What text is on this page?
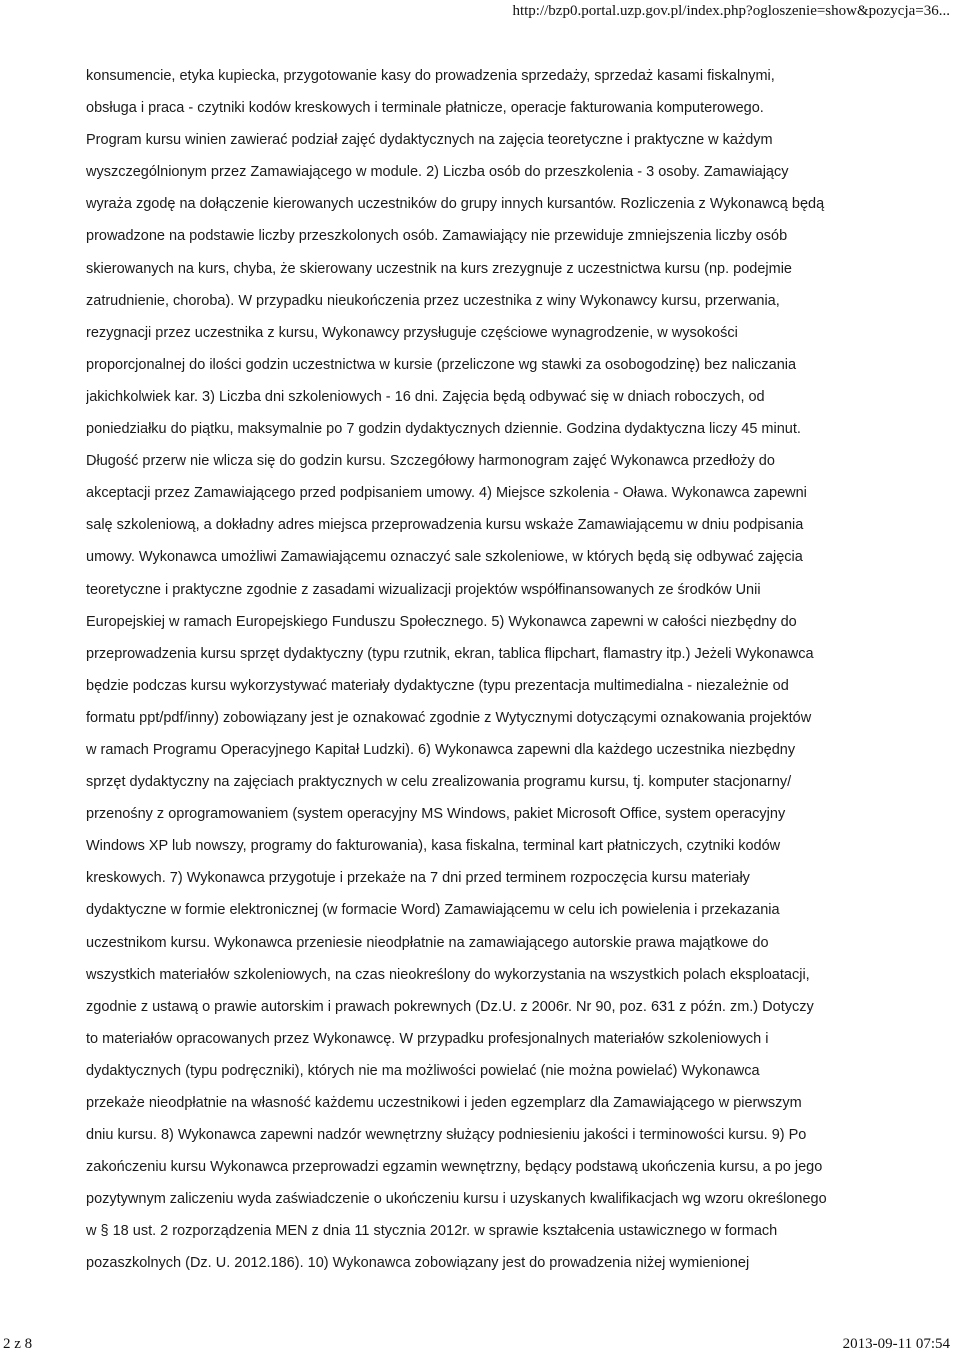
http://bzp0.portal.uzp.gov.pl/index.php?ogloszenie=show&pozycja=36...
konsumencie, etyka kupiecka, przygotowanie kasy do prowadzenia sprzedaży, sprzedaż kasami fiskalnymi,
obsługa i praca - czytniki kodów kreskowych i terminale płatnicze, operacje fakturowania komputerowego.
Program kursu winien zawierać podział zajęć dydaktycznych na zajęcia teoretyczne i praktyczne w każdym
wyszczególnionym przez Zamawiającego w module. 2) Liczba osób do przeszkolenia - 3 osoby. Zamawiający
wyraża zgodę na dołączenie kierowanych uczestników do grupy innych kursantów. Rozliczenia z Wykonawcą będą
prowadzone na podstawie liczby przeszkolonych osób. Zamawiający nie przewiduje zmniejszenia liczby osób
skierowanych na kurs, chyba, że skierowany uczestnik na kurs zrezygnuje z uczestnictwa kursu (np. podejmie
zatrudnienie, choroba). W przypadku nieukończenia przez uczestnika z winy Wykonawcy kursu, przerwania,
rezygnacji przez uczestnika z kursu, Wykonawcy przysługuje częściowe wynagrodzenie, w wysokości
proporcjonalnej do ilości godzin uczestnictwa w kursie (przeliczone wg stawki za osobogodzinę) bez naliczania
jakichkolwiek kar. 3) Liczba dni szkoleniowych - 16 dni. Zajęcia będą odbywać się w dniach roboczych, od
poniedziałku do piątku, maksymalnie po 7 godzin dydaktycznych dziennie. Godzina dydaktyczna liczy 45 minut.
Długość przerw nie wlicza się do godzin kursu. Szczegółowy harmonogram zajęć Wykonawca przedłoży do
akceptacji przez Zamawiającego przed podpisaniem umowy. 4) Miejsce szkolenia - Oława. Wykonawca zapewni
salę szkoleniową, a dokładny adres miejsca przeprowadzenia kursu wskaże Zamawiającemu w dniu podpisania
umowy. Wykonawca umożliwi Zamawiającemu oznaczyć sale szkoleniowe, w których będą się odbywać zajęcia
teoretyczne i praktyczne zgodnie z zasadami wizualizacji projektów współfinansowanych ze środków Unii
Europejskiej w ramach Europejskiego Funduszu Społecznego. 5) Wykonawca zapewni w całości niezbędny do
przeprowadzenia kursu sprzęt dydaktyczny (typu rzutnik, ekran, tablica flipchart, flamastry itp.) Jeżeli Wykonawca
będzie podczas kursu wykorzystywać materiały dydaktyczne (typu prezentacja multimedialna - niezależnie od
formatu ppt/pdf/inny) zobowiązany jest je oznakować zgodnie z Wytycznymi dotyczącymi oznakowania projektów
w ramach Programu Operacyjnego Kapitał Ludzki). 6) Wykonawca zapewni dla każdego uczestnika niezbędny
sprzęt dydaktyczny na zajęciach praktycznych w celu zrealizowania programu kursu, tj. komputer stacjonarny/
przenośny z oprogramowaniem (system operacyjny MS Windows, pakiet Microsoft Office, system operacyjny
Windows XP lub nowszy, programy do fakturowania), kasa fiskalna, terminal kart płatniczych, czytniki kodów
kreskowych. 7) Wykonawca przygotuje i przekaże na 7 dni przed terminem rozpoczęcia kursu materiały
dydaktyczne w formie elektronicznej (w formacie Word) Zamawiającemu w celu ich powielenia i przekazania
uczestnikom kursu. Wykonawca przeniesie nieodpłatnie na zamawiającego autorskie prawa majątkowe do
wszystkich materiałów szkoleniowych, na czas nieokreślony do wykorzystania na wszystkich polach eksploatacji,
zgodnie z ustawą o prawie autorskim i prawach pokrewnych (Dz.U. z 2006r. Nr 90, poz. 631 z późn. zm.) Dotyczy
to materiałów opracowanych przez Wykonawcę. W przypadku profesjonalnych materiałów szkoleniowych i
dydaktycznych (typu podręczniki), których nie ma możliwości powielać (nie można powielać) Wykonawca
przekaże nieodpłatnie na własność każdemu uczestnikowi i jeden egzemplarz dla Zamawiającego w pierwszym
dniu kursu. 8) Wykonawca zapewni nadzór wewnętrzny służący podniesieniu jakości i terminowości kursu. 9) Po
zakończeniu kursu Wykonawca przeprowadzi egzamin wewnętrzny, będący podstawą ukończenia kursu, a po jego
pozytywnym zaliczeniu wyda zaświadczenie o ukończeniu kursu i uzyskanych kwalifikacjach wg wzoru określonego
w § 18 ust. 2 rozporządzenia MEN z dnia 11 stycznia 2012r. w sprawie kształcenia ustawicznego w formach
pozaszkolnych (Dz. U. 2012.186). 10) Wykonawca zobowiązany jest do prowadzenia niżej wymienionej
2 z 8	2013-09-11 07:54
